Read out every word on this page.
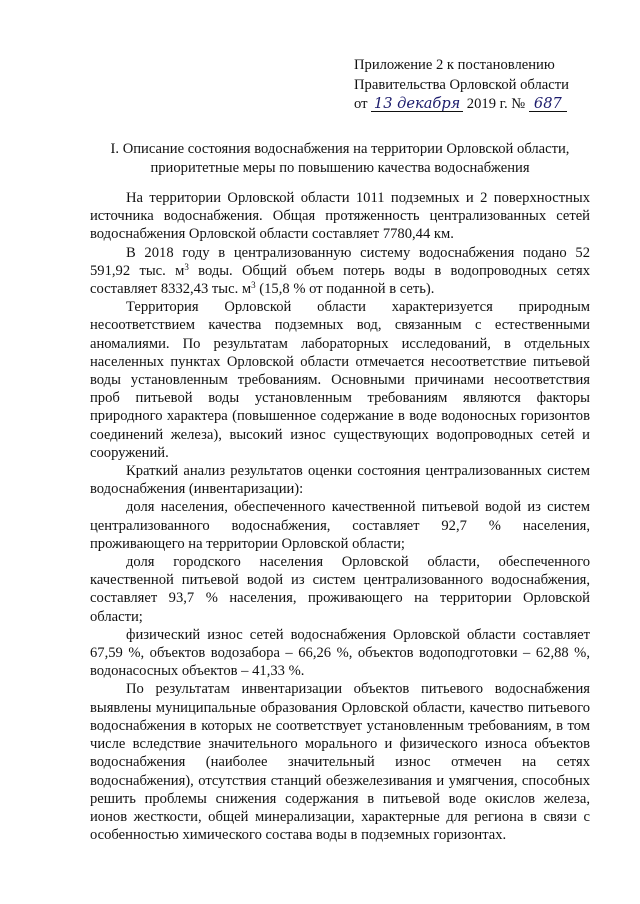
Приложение 2 к постановлению
Правительства Орловской области
от 13 декабря 2019 г. № 687
I. Описание состояния водоснабжения на территории Орловской области,
приоритетные меры по повышению качества водоснабжения

На территории Орловской области 1011 подземных и 2 поверхностных источника водоснабжения. Общая протяженность централизованных сетей водоснабжения Орловской области составляет 7780,44 км.

В 2018 году в централизованную систему водоснабжения подано 52 591,92 тыс. $м^3$ воды. Общий объем потерь воды в водопроводных сетях составляет 8332,43 тыс. $м^3$ (15,8 % от поданной в сеть).

Территория Орловской области характеризуется природным несоответствием качества подземных вод, связанным с естественными аномалиями. По результатам лабораторных исследований, в отдельных населенных пунктах Орловской области отмечается несоответствие питьевой воды установленным требованиям. Основными причинами несоответствия проб питьевой воды установленным требованиям являются факторы природного характера (повышенное содержание в воде водоносных горизонтов соединений железа), высокий износ существующих водопроводных сетей и сооружений.

Краткий анализ результатов оценки состояния централизованных систем водоснабжения (инвентаризации):

доля населения, обеспеченного качественной питьевой водой из систем централизованного водоснабжения, составляет 92,7 % населения, проживающего на территории Орловской области;

доля городского населения Орловской области, обеспеченного качественной питьевой водой из систем централизованного водоснабжения, составляет 93,7 % населения, проживающего на территории Орловской области;

физический износ сетей водоснабжения Орловской области составляет 67,59 %, объектов водозабора – 66,26 %, объектов водоподготовки – 62,88 %, водонасосных объектов – 41,33 %.

По результатам инвентаризации объектов питьевого водоснабжения выявлены муниципальные образования Орловской области, качество питьевого водоснабжения в которых не соответствует установленным требованиям, в том числе вследствие значительного морального и физического износа объектов водоснабжения (наиболее значительный износ отмечен на сетях водоснабжения), отсутствия станций обезжелезивания и умягчения, способных решить проблемы снижения содержания в питьевой воде окислов железа, ионов жесткости, общей минерализации, характерные для региона в связи с особенностью химического состава воды в подземных горизонтах.
